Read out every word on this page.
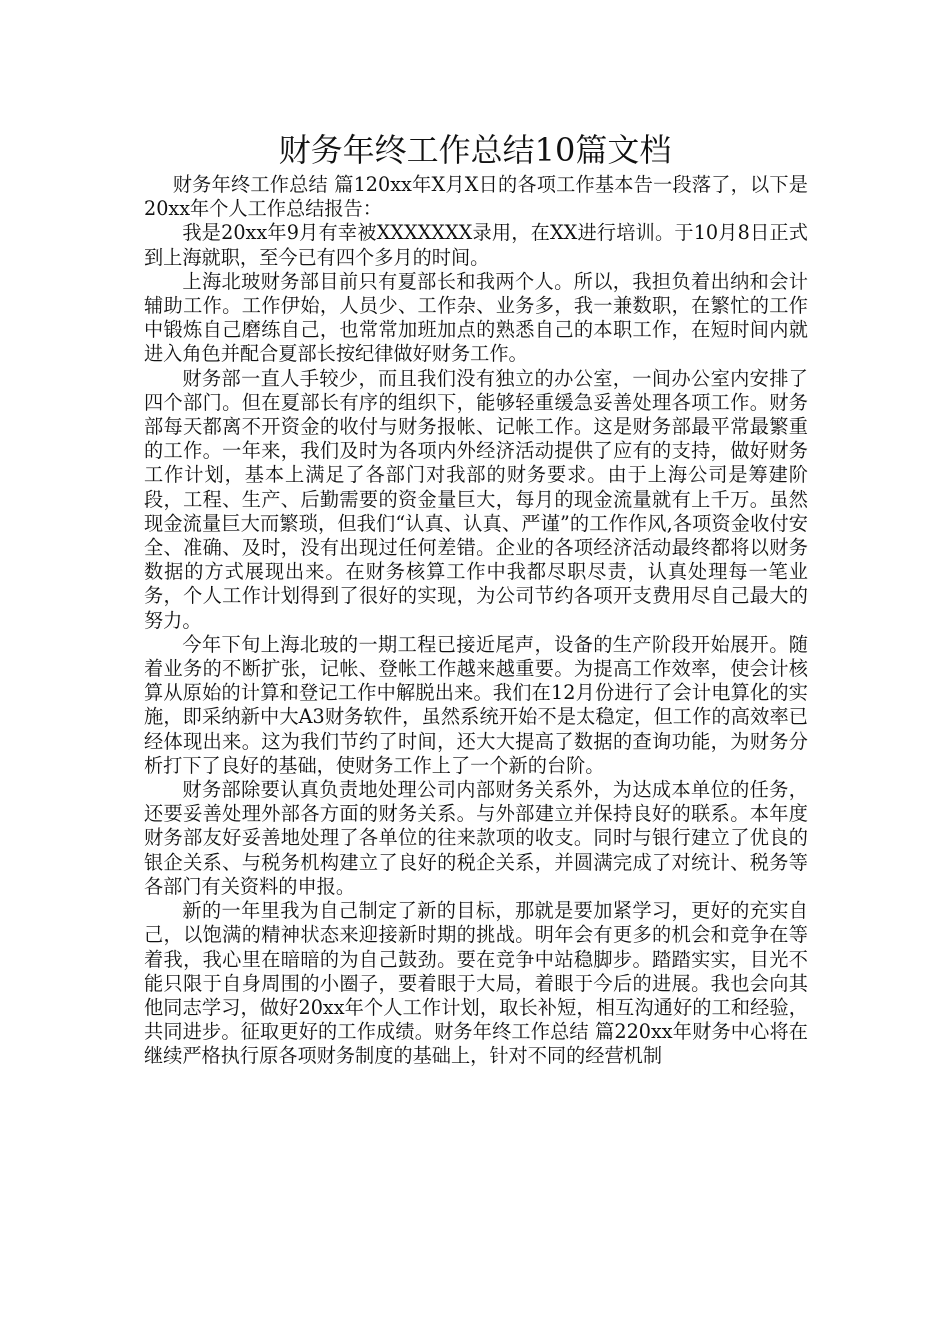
财务年终工作总结10篇文档

财务年终工作总结 篇120xx年X月X日的各项工作基本告一段落了，以下是20xx年个人工作总结报告：

我是20xx年9月有幸被XXXXXXX录用，在XX进行培训。于10月8日正式到上海就职，至今已有四个多月的时间。

上海北玻财务部目前只有夏部长和我两个人。所以，我担负着出纳和会计辅助工作。工作伊始，人员少、工作杂、业务多，我一兼数职，在繁忙的工作中锻炼自己磨练自己，也常常加班加点的熟悉自己的本职工作，在短时间内就进入角色并配合夏部长按纪律做好财务工作。

财务部一直人手较少，而且我们没有独立的办公室，一间办公室内安排了四个部门。但在夏部长有序的组织下，能够轻重缓急妥善处理各项工作。财务部每天都离不开资金的收付与财务报帐、记帐工作。这是财务部最平常最繁重的工作。一年来，我们及时为各项内外经济活动提供了应有的支持，做好财务工作计划，基本上满足了各部门对我部的财务要求。由于上海公司是筹建阶段，工程、生产、后勤需要的资金量巨大，每月的现金流量就有上千万。虽然现金流量巨大而繁琐，但我们“认真、认真、严谨”的工作作风,各项资金收付安全、准确、及时，没有出现过任何差错。企业的各项经济活动最终都将以财务数据的方式展现出来。在财务核算工作中我都尽职尽责，认真处理每一笔业务，个人工作计划得到了很好的实现，为公司节约各项开支费用尽自己最大的努力。

今年下旬上海北玻的一期工程已接近尾声，设备的生产阶段开始展开。随着业务的不断扩张，记帐、登帐工作越来越重要。为提高工作效率，使会计核算从原始的计算和登记工作中解脱出来。我们在12月份进行了会计电算化的实施，即采纳新中大A3财务软件，虽然系统开始不是太稳定，但工作的高效率已经体现出来。这为我们节约了时间，还大大提高了数据的查询功能，为财务分析打下了良好的基础，使财务工作上了一个新的台阶。

财务部除要认真负责地处理公司内部财务关系外，为达成本单位的任务，还要妥善处理外部各方面的财务关系。与外部建立并保持良好的联系。本年度财务部友好妥善地处理了各单位的往来款项的收支。同时与银行建立了优良的银企关系、与税务机构建立了良好的税企关系，并圆满完成了对统计、税务等各部门有关资料的申报。

新的一年里我为自己制定了新的目标，那就是要加紧学习，更好的充实自己，以饱满的精神状态来迎接新时期的挑战。明年会有更多的机会和竞争在等着我，我心里在暗暗的为自己鼓劲。要在竞争中站稳脚步。踏踏实实，目光不能只限于自身周围的小圈子，要着眼于大局，着眼于今后的进展。我也会向其他同志学习，做好20xx年个人工作计划，取长补短，相互沟通好的工和经验，共同进步。征取更好的工作成绩。财务年终工作总结 篇220xx年财务中心将在继续严格执行原各项财务制度的基础上，针对不同的经营机制
